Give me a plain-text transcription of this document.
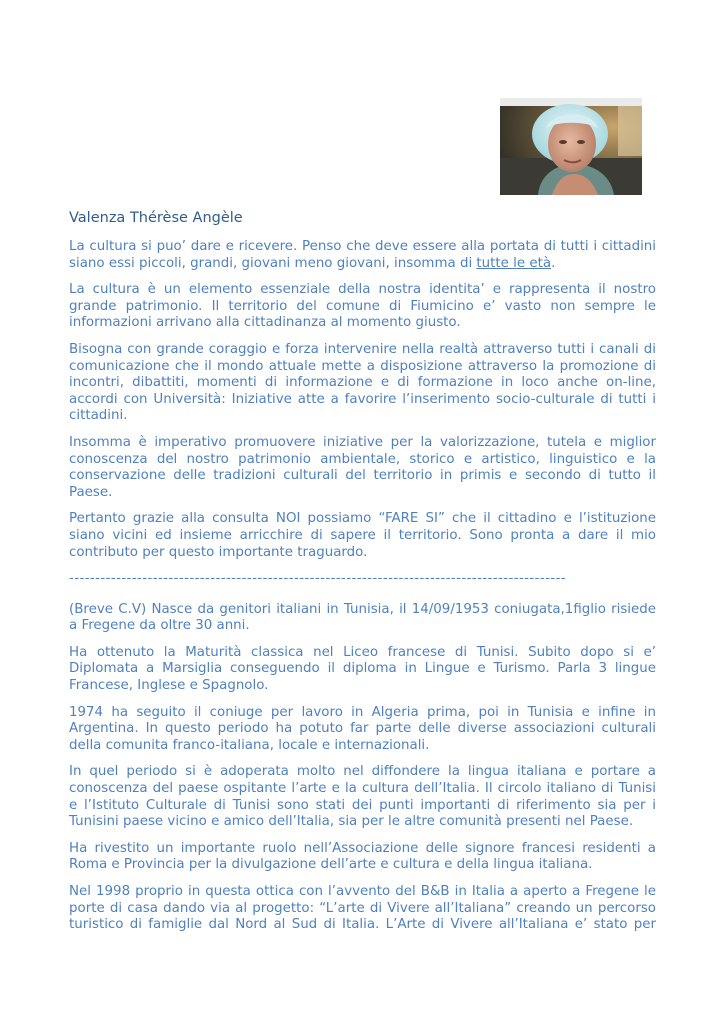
Valenza Thérèse Angèle

La cultura si puo’ dare e ricevere. Penso che deve essere alla portata di tutti i cittadini siano essi piccoli, grandi, giovani meno giovani, insomma di tutte le età.

La cultura è un elemento essenziale della nostra identita’ e rappresenta il nostro grande patrimonio. Il territorio del comune di Fiumicino e’ vasto non sempre le informazioni arrivano alla cittadinanza al momento giusto.

Bisogna con grande coraggio e forza intervenire nella realtà attraverso tutti i canali di comunicazione che il mondo attuale mette a disposizione attraverso la promozione di incontri, dibattiti, momenti di informazione e di formazione in loco anche on-line, accordi con Università: Iniziative atte a favorire l’inserimento socio-culturale di tutti i cittadini.

Insomma è imperativo promuovere iniziative per la valorizzazione, tutela e miglior conoscenza del nostro patrimonio ambientale, storico e artistico, linguistico e la conservazione delle tradizioni culturali del territorio in primis e secondo di tutto il Paese.

Pertanto grazie alla consulta NOI possiamo “FARE SI” che il cittadino e l’istituzione siano vicini ed insieme arricchire di sapere il territorio. Sono pronta a dare il mio contributo per questo importante traguardo.

-----------------------------------------------------------------------------------------------

(Breve C.V) Nasce da genitori italiani in Tunisia, il 14/09/1953 coniugata,1figlio risiede a Fregene da oltre 30 anni.

Ha ottenuto la Maturità classica nel Liceo francese di Tunisi. Subito dopo si e’ Diplomata a Marsiglia conseguendo il diploma in Lingue e Turismo. Parla 3 lingue Francese, Inglese e Spagnolo.

1974 ha seguito il coniuge per lavoro in Algeria prima, poi in Tunisia e infine in Argentina. In questo periodo ha potuto far parte delle diverse associazioni culturali della comunita franco-italiana, locale e internazionali.

In quel periodo si è adoperata molto nel diffondere la lingua italiana e portare a conoscenza del paese ospitante l’arte e la cultura dell’Italia. Il circolo italiano di Tunisi e l’Istituto Culturale di Tunisi sono stati dei punti importanti di riferimento sia per i Tunisini paese vicino e amico dell’Italia, sia per le altre comunità presenti nel Paese.

Ha rivestito un importante ruolo nell’Associazione delle signore francesi residenti a Roma e Provincia per la divulgazione dell’arte e cultura e della lingua italiana.

Nel 1998 proprio in questa ottica con l’avvento del B&B in Italia a aperto a Fregene le porte di casa dando via al progetto: “L’arte di Vivere all’Italiana” creando un percorso turistico di famiglie dal Nord al Sud di Italia. L’Arte di Vivere all’Italiana e’ stato per
